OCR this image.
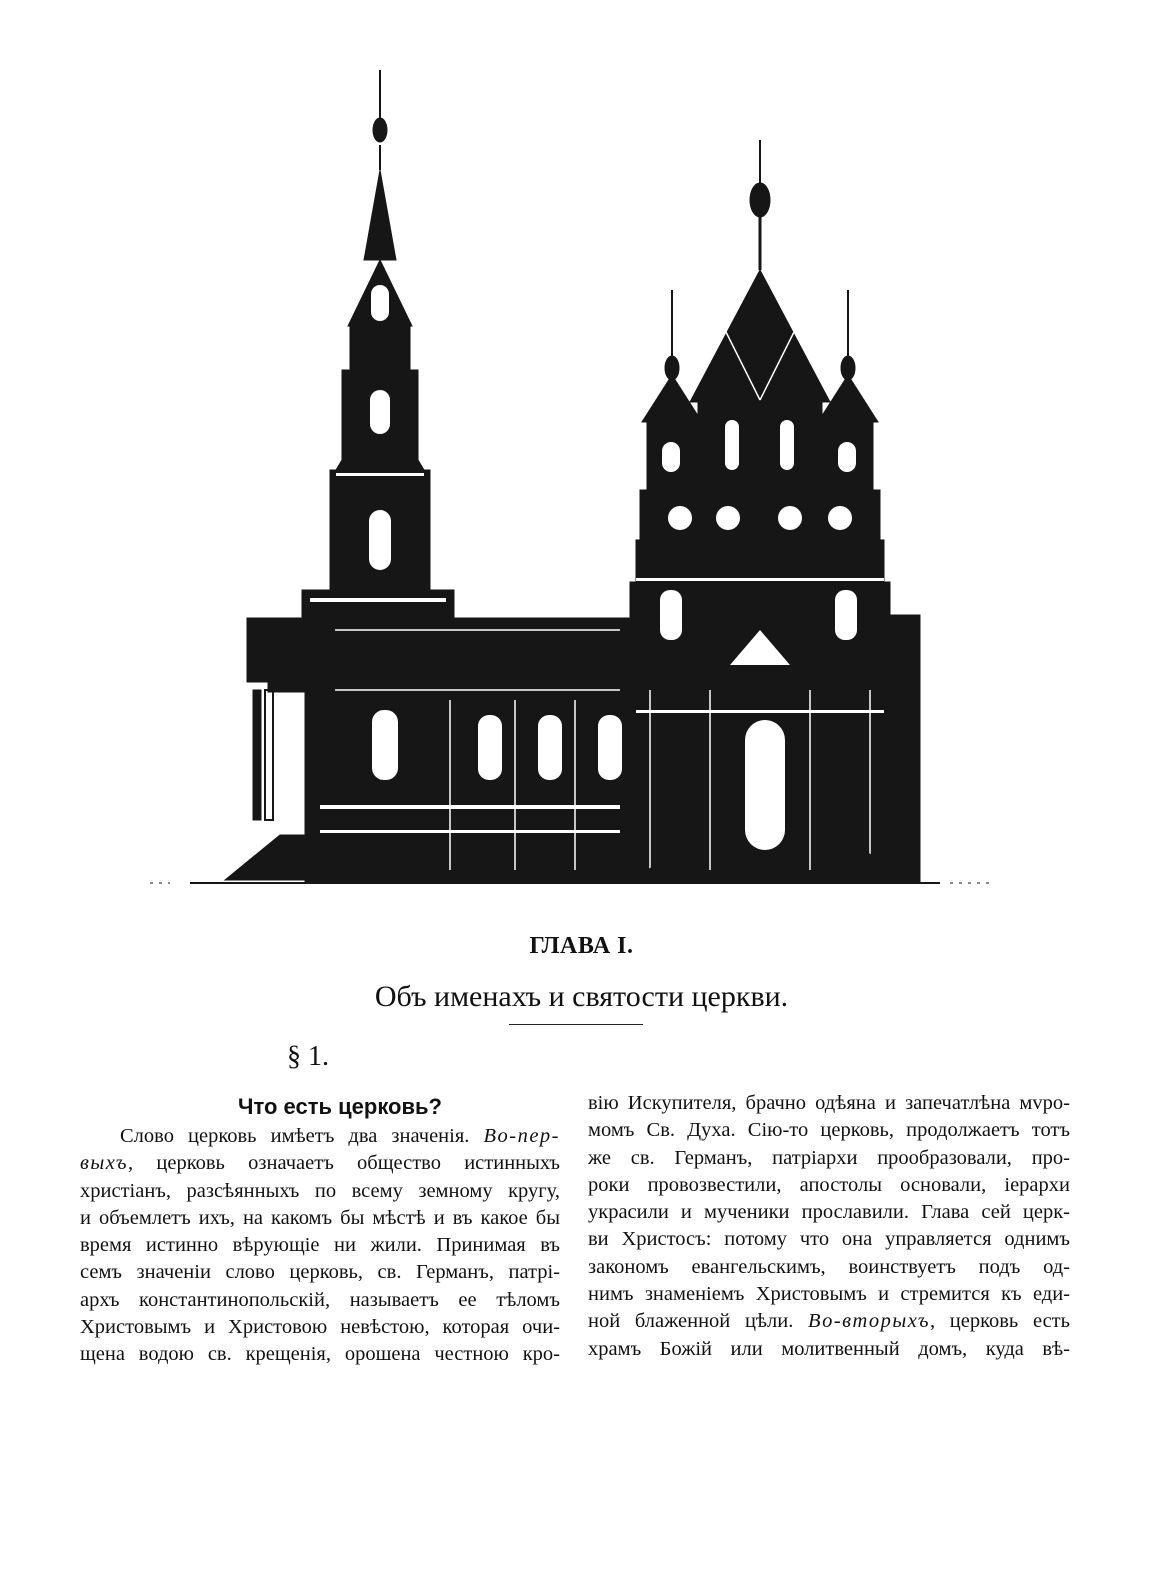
ГЛАВА I.
Объ именахъ и святости церкви.
§ 1.
Что есть церковь?
Слово церковь имѣетъ два значенія. Во-пер-
выхъ, церковь означаетъ общество истинныхъ
христіанъ, разсѣянныхъ по всему земному кругу,
и объемлетъ ихъ, на какомъ бы мѣстѣ и въ какое бы
время истинно вѣрующіе ни жили. Принимая въ
семъ значеніи слово церковь, св. Германъ, патрі-
архъ константинопольскій, называетъ ее тѣломъ
Христовымъ и Христовою невѣстою, которая очи-
щена водою св. крещенія, орошена честною кро-
вію Искупителя, брачно одѣяна и запечатлѣна мvро-
момъ Св. Духа. Сію-то церковь, продолжаетъ тотъ
же св. Германъ, патріархи прообразовали, про-
роки провозвестили, апостолы основали, іерархи
украсили и мученики прославили. Глава сей церк-
ви Христосъ: потому что она управляется однимъ
закономъ евангельскимъ, воинствуетъ подъ од-
нимъ знаменіемъ Христовымъ и стремится къ еди-
ной блаженной цѣли. Во-вторыхъ, церковь есть
храмъ Божій или молитвенный домъ, куда вѣ-
